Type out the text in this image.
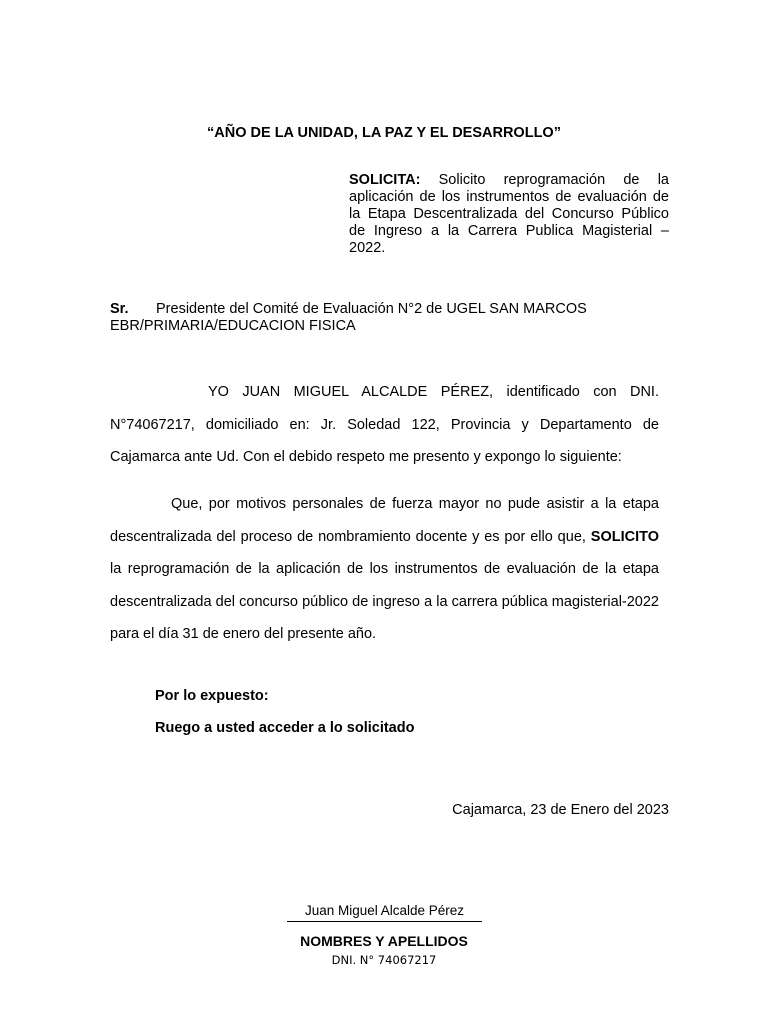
“AÑO DE LA UNIDAD, LA PAZ Y EL DESARROLLO”
SOLICITA: Solicito reprogramación de la aplicación de los instrumentos de evaluación de la Etapa Descentralizada del Concurso Público de Ingreso a la Carrera Publica Magisterial – 2022.
Sr. Presidente del Comité de Evaluación N°2 de UGEL SAN MARCOS
EBR/PRIMARIA/EDUCACION FISICA
YO JUAN MIGUEL ALCALDE PÉREZ, identificado con DNI. N°74067217, domiciliado en: Jr. Soledad 122, Provincia y Departamento de Cajamarca ante Ud. Con el debido respeto me presento y expongo lo siguiente:
Que, por motivos personales de fuerza mayor no pude asistir a la etapa descentralizada del proceso de nombramiento docente y es por ello que, SOLICITO la reprogramación de la aplicación de los instrumentos de evaluación de la etapa descentralizada del concurso público de ingreso a la carrera pública magisterial-2022 para el día 31 de enero del presente año.
Por lo expuesto:
Ruego a usted acceder a lo solicitado
Cajamarca, 23 de Enero del 2023
Juan Miguel Alcalde Pérez
NOMBRES Y APELLIDOS
DNI. N° 74067217
